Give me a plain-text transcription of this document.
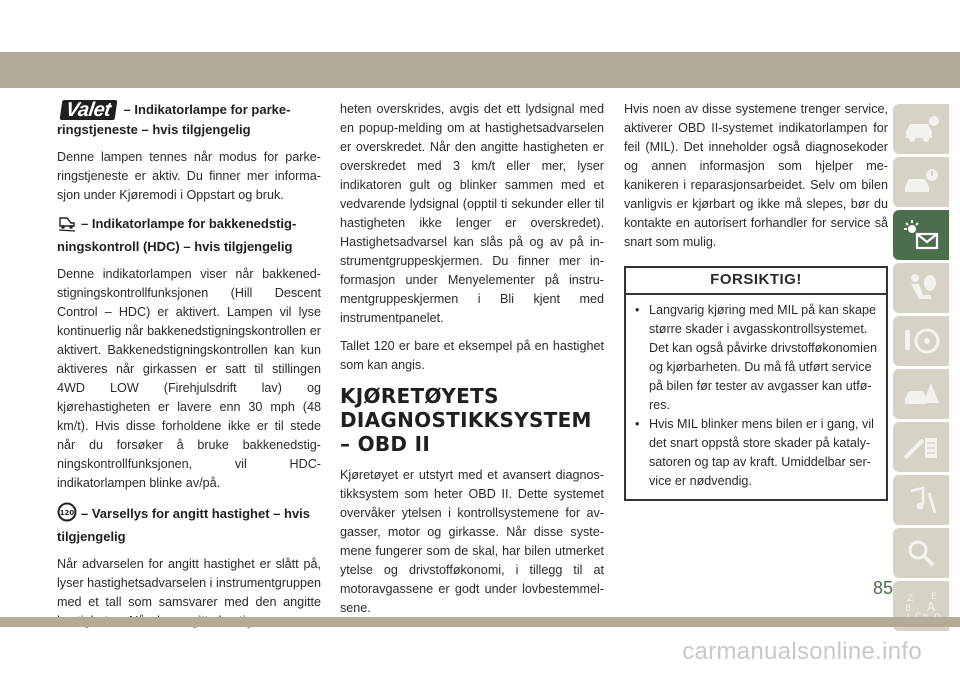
Valet – Indikatorlampe for parkeringstjeneste – hvis tilgjengelig

Denne lampen tennes når modus for parkeringstjeneste er aktiv. Du finner mer informasjon under Kjøremodi i Oppstart og bruk.

– Indikatorlampe for bakkenedstigningskontroll (HDC) – hvis tilgjengelig

Denne indikatorlampen viser når bakkenedstigningskontrollfunksjonen (Hill Descent Control – HDC) er aktivert. Lampen vil lyse kontinuerlig når bakkenedstigningskontrollen er aktivert. Bakkenedstigningskontrollen kan kun aktiveres når girkassen er satt til stillingen 4WD LOW (Firehjulsdrift lav) og kjørehastigheten er lavere enn 30 mph (48 km/t). Hvis disse forholdene ikke er til stede når du forsøker å bruke bakkenedstigningskontrollfunksjonen, vil HDC-indikatorlampen blinke av/på.

120 – Varsellys for angitt hastighet – hvis tilgjengelig

Når advarselen for angitt hastighet er slått på, lyser hastighetsadvarselen i instrumentgruppen med et tall som samsvarer med den angitte

heten overskrides, avgis det ett lydsignal med en popup-melding om at hastighetsadvarselen er overskredet. Når den angitte hastigheten er overskredet med 3 km/t eller mer, lyser indikatoren gult og blinker sammen med et vedvarende lydsignal (opptil ti sekunder eller til hastigheten ikke lenger er overskredet). Hastighetsadvarsel kan slås på og av på instrumentgruppeskjermen. Du finner mer informasjon under Menyelementer på instrumentgruppeskjermen i Bli kjent med instrumentpanelet.

Tallet 120 er bare et eksempel på en hastighet som kan angis.

KJØRETØYETS DIAGNOSTIKKSYSTEM – OBD II

Kjøretøyet er utstyrt med et avansert diagnostikksystem som heter OBD II. Dette systemet overvåker ytelsen i kontrollsystemene for avgasser, motor og girkasse. Når disse systemene fungerer som de skal, har bilen utmerket ytelse og drivstofføkonomi, i tillegg til at motoravgassene er godt under lovbestemmelsene.

Hvis noen av disse systemene trenger service, aktiverer OBD II-systemet indikatorlampen for feil (MIL). Det inneholder også diagnosekoder og annen informasjon som hjelper mekanikeren i reparasjonsarbeidet. Selv om bilen vanligvis er kjørbart og ikke må slepes, bør du kontakte en autorisert forhandler for service så snart som mulig.

FORSIKTIG!
• Langvarig kjøring med MIL på kan skape større skader i avgasskontrollsystemet. Det kan også påvirke drivstofføkonomien og kjørbarheten. Du må få utført service på bilen før tester av avgasser kan utføres.
• Hvis MIL blinker mens bilen er i gang, vil det snart oppstå store skader på katalysatoren og tap av kraft. Umiddelbar service er nødvendig.
Z
B
E
A
85
carmanualsonline.info
